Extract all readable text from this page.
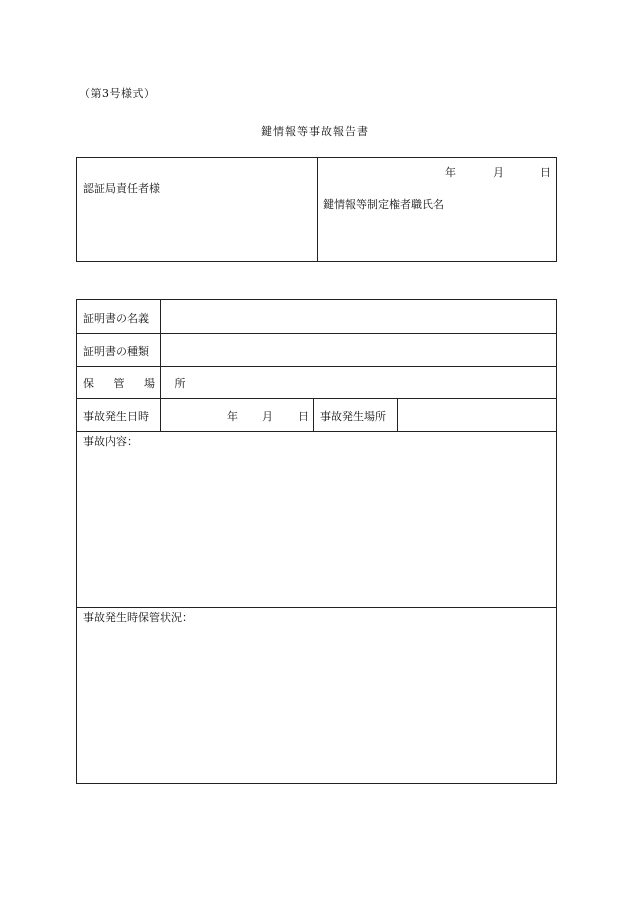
（第3号様式）
鍵情報等事故報告書
認証局責任者様
年	月	日
鍵情報等制定権者職氏名
証明書の名義
証明書の種類
保 管 場 所
事故発生日時	年 月 日 事故発生場所
事故内容：
事故発生時保管状況：
